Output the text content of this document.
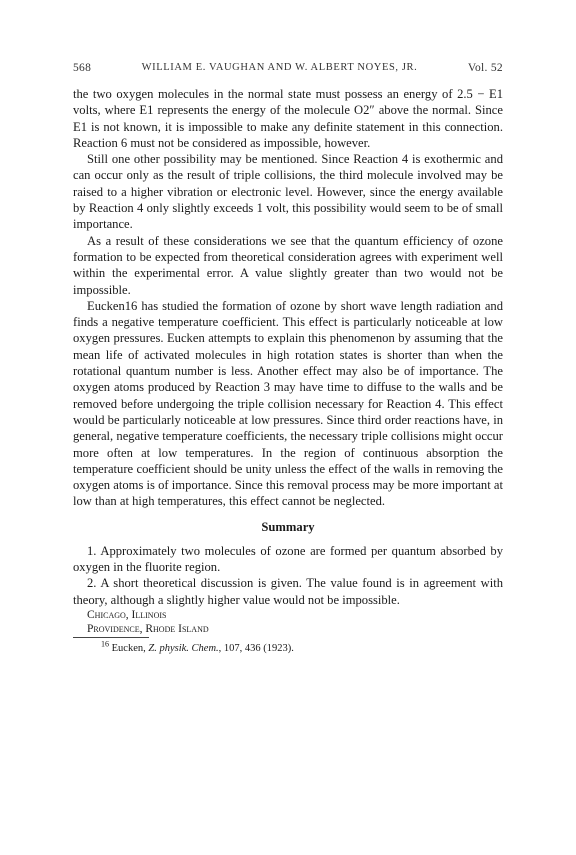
568	WILLIAM E. VAUGHAN AND W. ALBERT NOYES, JR.	Vol. 52

the two oxygen molecules in the normal state must possess an energy of 2.5 − E1 volts, where E1 represents the energy of the molecule O2″ above the normal. Since E1 is not known, it is impossible to make any definite statement in this connection. Reaction 6 must not be considered as impossible, however.

Still one other possibility may be mentioned. Since Reaction 4 is exothermic and can occur only as the result of triple collisions, the third molecule involved may be raised to a higher vibration or electronic level. However, since the energy available by Reaction 4 only slightly exceeds 1 volt, this possibility would seem to be of small importance.

As a result of these considerations we see that the quantum efficiency of ozone formation to be expected from theoretical consideration agrees with experiment well within the experimental error. A value slightly greater than two would not be impossible.

Eucken16 has studied the formation of ozone by short wave length radiation and finds a negative temperature coefficient. This effect is particularly noticeable at low oxygen pressures. Eucken attempts to explain this phenomenon by assuming that the mean life of activated molecules in high rotation states is shorter than when the rotational quantum number is less. Another effect may also be of importance. The oxygen atoms produced by Reaction 3 may have time to diffuse to the walls and be removed before undergoing the triple collision necessary for Reaction 4. This effect would be particularly noticeable at low pressures. Since third order reactions have, in general, negative temperature coefficients, the necessary triple collisions might occur more often at low temperatures. In the region of continuous absorption the temperature coefficient should be unity unless the effect of the walls in removing the oxygen atoms is of importance. Since this removal process may be more important at low than at high temperatures, this effect cannot be neglected.

Summary

1. Approximately two molecules of ozone are formed per quantum absorbed by oxygen in the fluorite region.

2. A short theoretical discussion is given. The value found is in agreement with theory, although a slightly higher value would not be impossible.

Chicago, Illinois

Providence, Rhode Island

$^{16}$ Eucken, Z. physik. Chem., 107, 436 (1923).
